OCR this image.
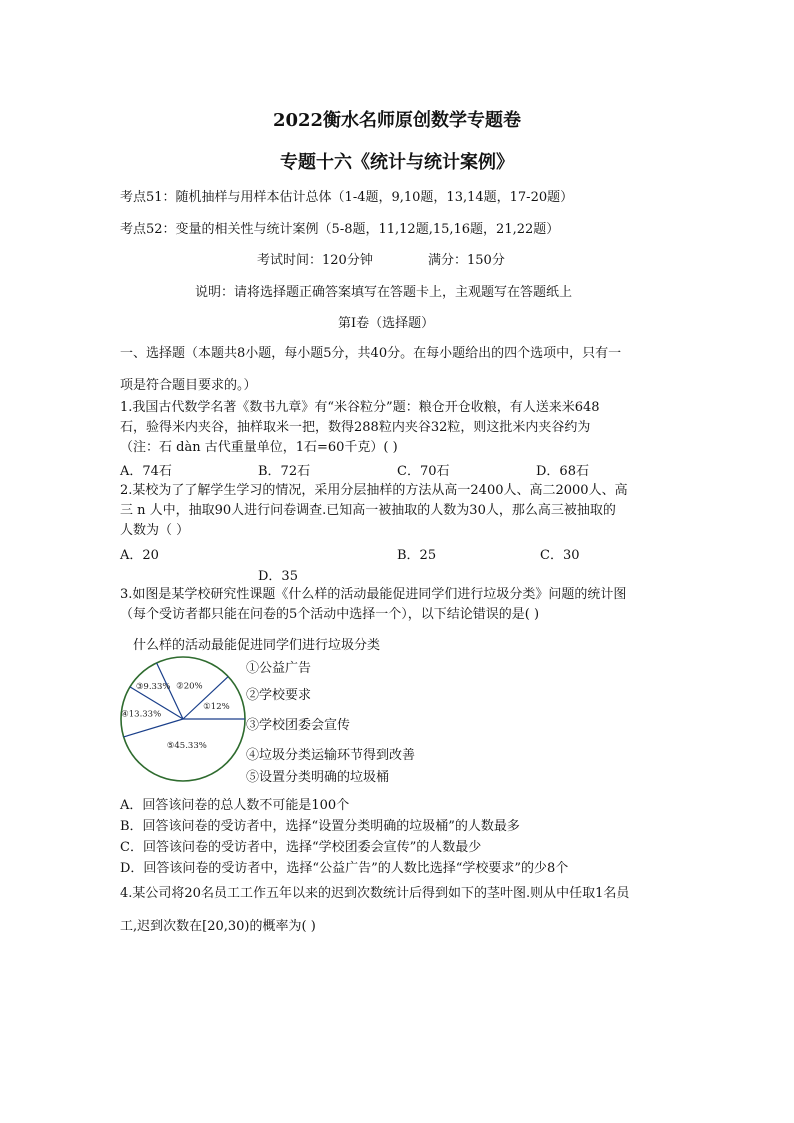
2022衡水名师原创数学专题卷
专题十六《统计与统计案例》
考点51：随机抽样与用样本估计总体（1-4题，9,10题，13,14题，17-20题）
考点52：变量的相关性与统计案例（5-8题，11,12题,15,16题，21,22题）
考试时间：120分钟	满分：150分
说明：请将选择题正确答案填写在答题卡上，主观题写在答题纸上
第I卷（选择题）
一、选择题（本题共8小题，每小题5分，共40分。在每小题给出的四个选项中，只有一
项是符合题目要求的。）
1.我国古代数学名著《数书九章》有“米谷粒分”题：粮仓开仓收粮，有人送来米648
石，验得米内夹谷，抽样取米一把，数得288粒内夹谷32粒，则这批米内夹谷约为
（注：石 dàn 古代重量单位，1石=60千克）( )
A．74石	B．72石	C．70石	D．68石
2.某校为了了解学生学习的情况，采用分层抽样的方法从高一2400人、高二2000人、高
三 n 人中，抽取90人进行问卷调查.已知高一被抽取的人数为30人，那么高三被抽取的
人数为（ ）
A．20	B．25	C．30
D．35
3.如图是某学校研究性课题《什么样的活动最能促进同学们进行垃圾分类》问题的统计图
（每个受访者都只能在问卷的5个活动中选择一个），以下结论错误的是( )
什么样的活动最能促进同学们进行垃圾分类
①12%
②20%
③9.33%
④13.33%
⑤45.33%
①公益广告
②学校要求
③学校团委会宣传
④垃圾分类运输环节得到改善
⑤设置分类明确的垃圾桶
A．回答该问卷的总人数不可能是100个
B．回答该问卷的受访者中，选择“设置分类明确的垃圾桶”的人数最多
C．回答该问卷的受访者中，选择“学校团委会宣传”的人数最少
D．回答该问卷的受访者中，选择“公益广告”的人数比选择“学校要求”的少8个
4.某公司将20名员工工作五年以来的迟到次数统计后得到如下的茎叶图.则从中任取1名员
工,迟到次数在[20,30)的概率为( )
